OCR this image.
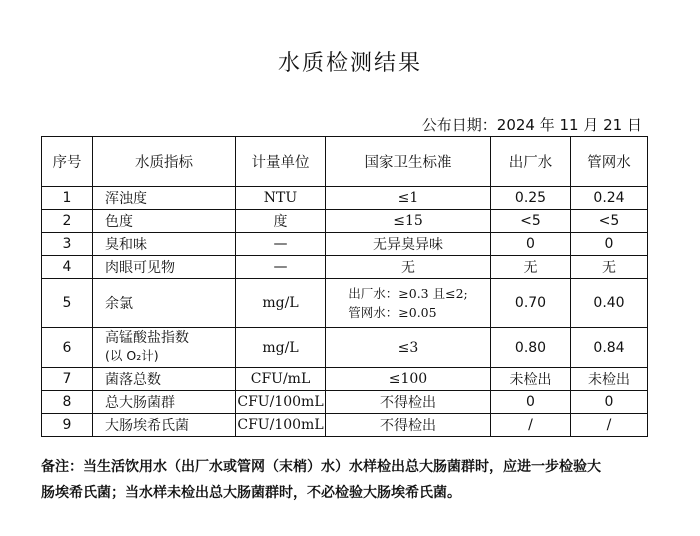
水质检测结果
公布日期：2024 年 11 月 21 日
序号	水质指标	计量单位	国家卫生标准	出厂水	管网水
1	浑浊度	NTU	≤1	0.25	0.24
2	色度	度	≤15	<5	<5
3	臭和味	—	无异臭异味	0	0
4	肉眼可见物	—	无	无	无
5	余氯	mg/L	出厂水：≥0.3 且≤2;
管网水：≥0.05	0.70	0.40
6	高锰酸盐指数
(以 O₂计)	mg/L	≤3	0.80	0.84
7	菌落总数	CFU/mL	≤100	未检出	未检出
8	总大肠菌群	CFU/100mL	不得检出	0	0
9	大肠埃希氏菌	CFU/100mL	不得检出	/	/
备注：当生活饮用水（出厂水或管网（末梢）水）水样检出总大肠菌群时，应进一步检验大
肠埃希氏菌；当水样未检出总大肠菌群时，不必检验大肠埃希氏菌。
